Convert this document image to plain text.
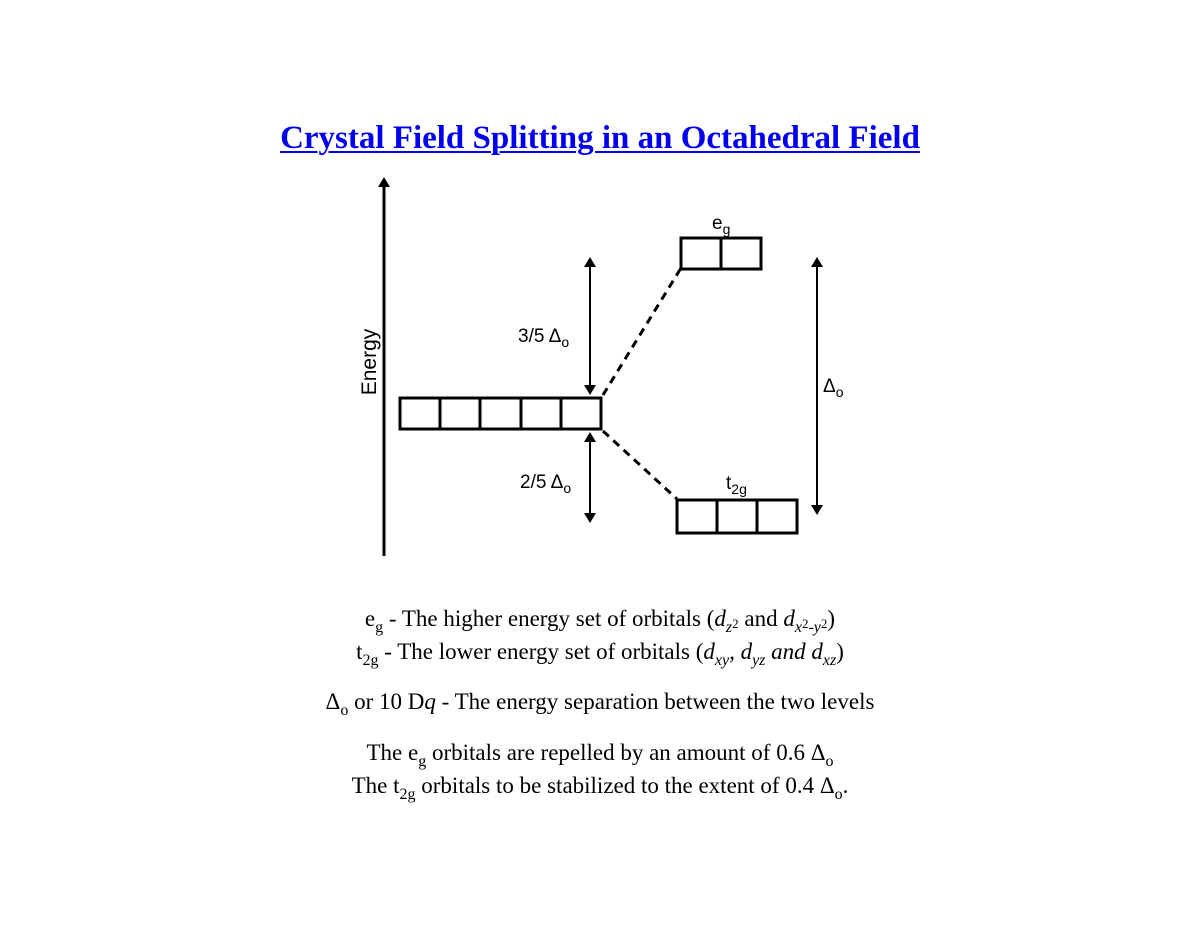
Crystal Field Splitting in an Octahedral Field
Energy
$e_g$
$t_{2g}$
3/5 $\Delta_o$
2/5 $\Delta_o$
$\Delta_o$
$e_g$ - The higher energy set of orbitals ($d_{z^2}$ and $d_{x^2-y^2}$)
$t_{2g}$ - The lower energy set of orbitals ($d_{xy}$, $d_{yz}$ and $d_{xz}$)
$\Delta_o$ or 10 Dq - The energy separation between the two levels
The $e_g$ orbitals are repelled by an amount of 0.6 $\Delta_o$
The $t_{2g}$ orbitals to be stabilized to the extent of 0.4 $\Delta_o$.
